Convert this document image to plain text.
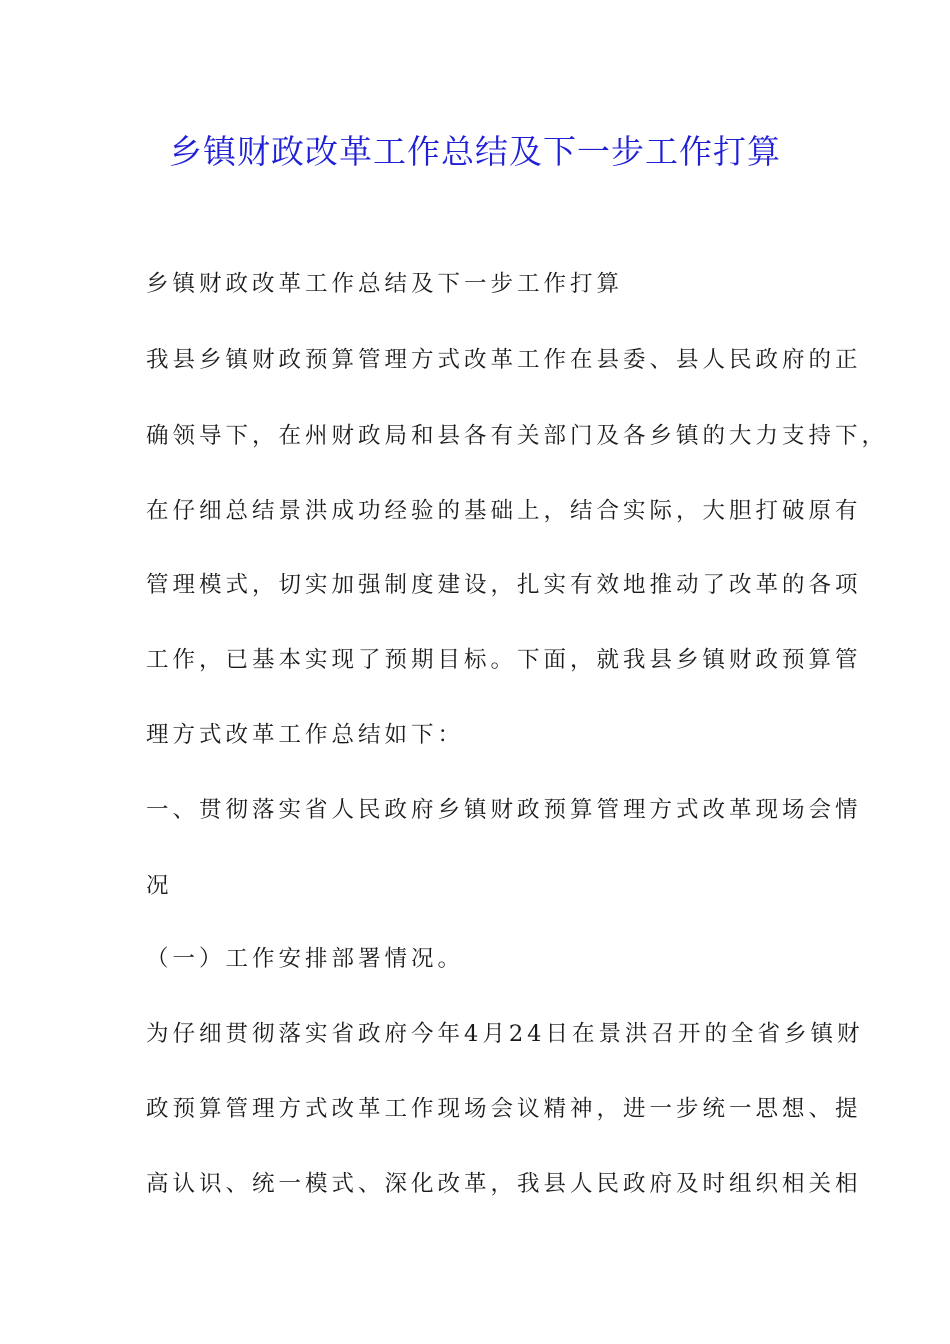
乡镇财政改革工作总结及下一步工作打算

乡镇财政改革工作总结及下一步工作打算

我县乡镇财政预算管理方式改革工作在县委、县人民政府的正

确领导下，在州财政局和县各有关部门及各乡镇的大力支持下，

在仔细总结景洪成功经验的基础上，结合实际，大胆打破原有

管理模式，切实加强制度建设，扎实有效地推动了改革的各项

工作，已基本实现了预期目标。下面，就我县乡镇财政预算管

理方式改革工作总结如下：

一、贯彻落实省人民政府乡镇财政预算管理方式改革现场会情

况

（一）工作安排部署情况。

为仔细贯彻落实省政府今年4月24日在景洪召开的全省乡镇财

政预算管理方式改革工作现场会议精神，进一步统一思想、提

高认识、统一模式、深化改革，我县人民政府及时组织相关相
